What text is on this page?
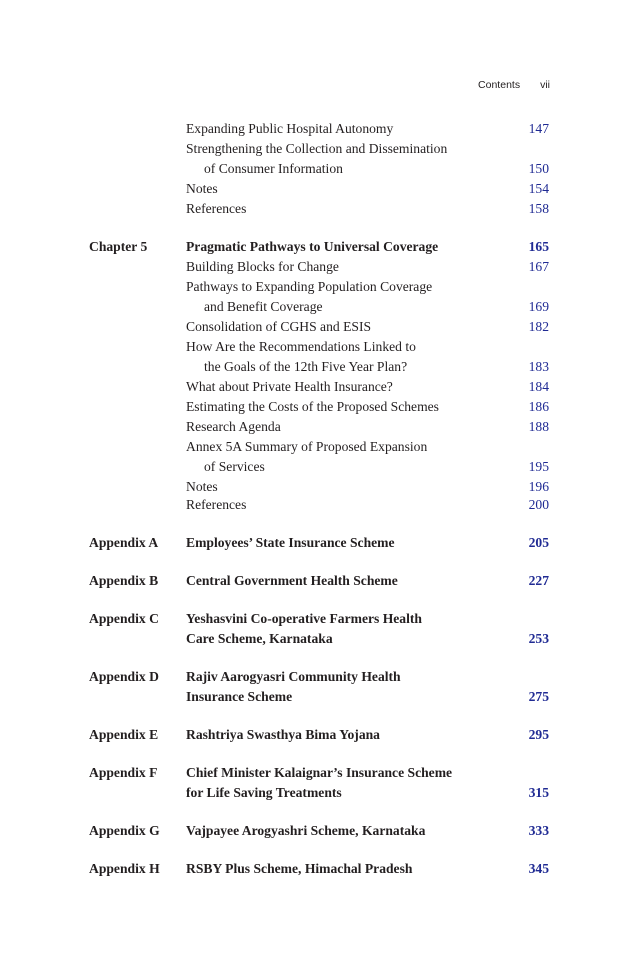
Contents vii
Expanding Public Hospital Autonomy	147
Strengthening the Collection and Dissemination
of Consumer Information	150
Notes	154
References	158
Chapter 5	Pragmatic Pathways to Universal Coverage	165
Building Blocks for Change	167
Pathways to Expanding Population Coverage
and Benefit Coverage	169
Consolidation of CGHS and ESIS	182
How Are the Recommendations Linked to
the Goals of the 12th Five Year Plan?	183
What about Private Health Insurance?	184
Estimating the Costs of the Proposed Schemes	186
Research Agenda	188
Annex 5A Summary of Proposed Expansion
of Services	195
Notes	196
References	200
Appendix A Employees’ State Insurance Scheme	205
Appendix B Central Government Health Scheme	227
Appendix C Yeshasvini Co-operative Farmers Health
Care Scheme, Karnataka	253
Appendix D Rajiv Aarogyasri Community Health
Insurance Scheme	275
Appendix E Rashtriya Swasthya Bima Yojana	295
Appendix F Chief Minister Kalaignar’s Insurance Scheme
for Life Saving Treatments	315
Appendix G Vajpayee Arogyashri Scheme, Karnataka	333
Appendix H RSBY Plus Scheme, Himachal Pradesh	345
